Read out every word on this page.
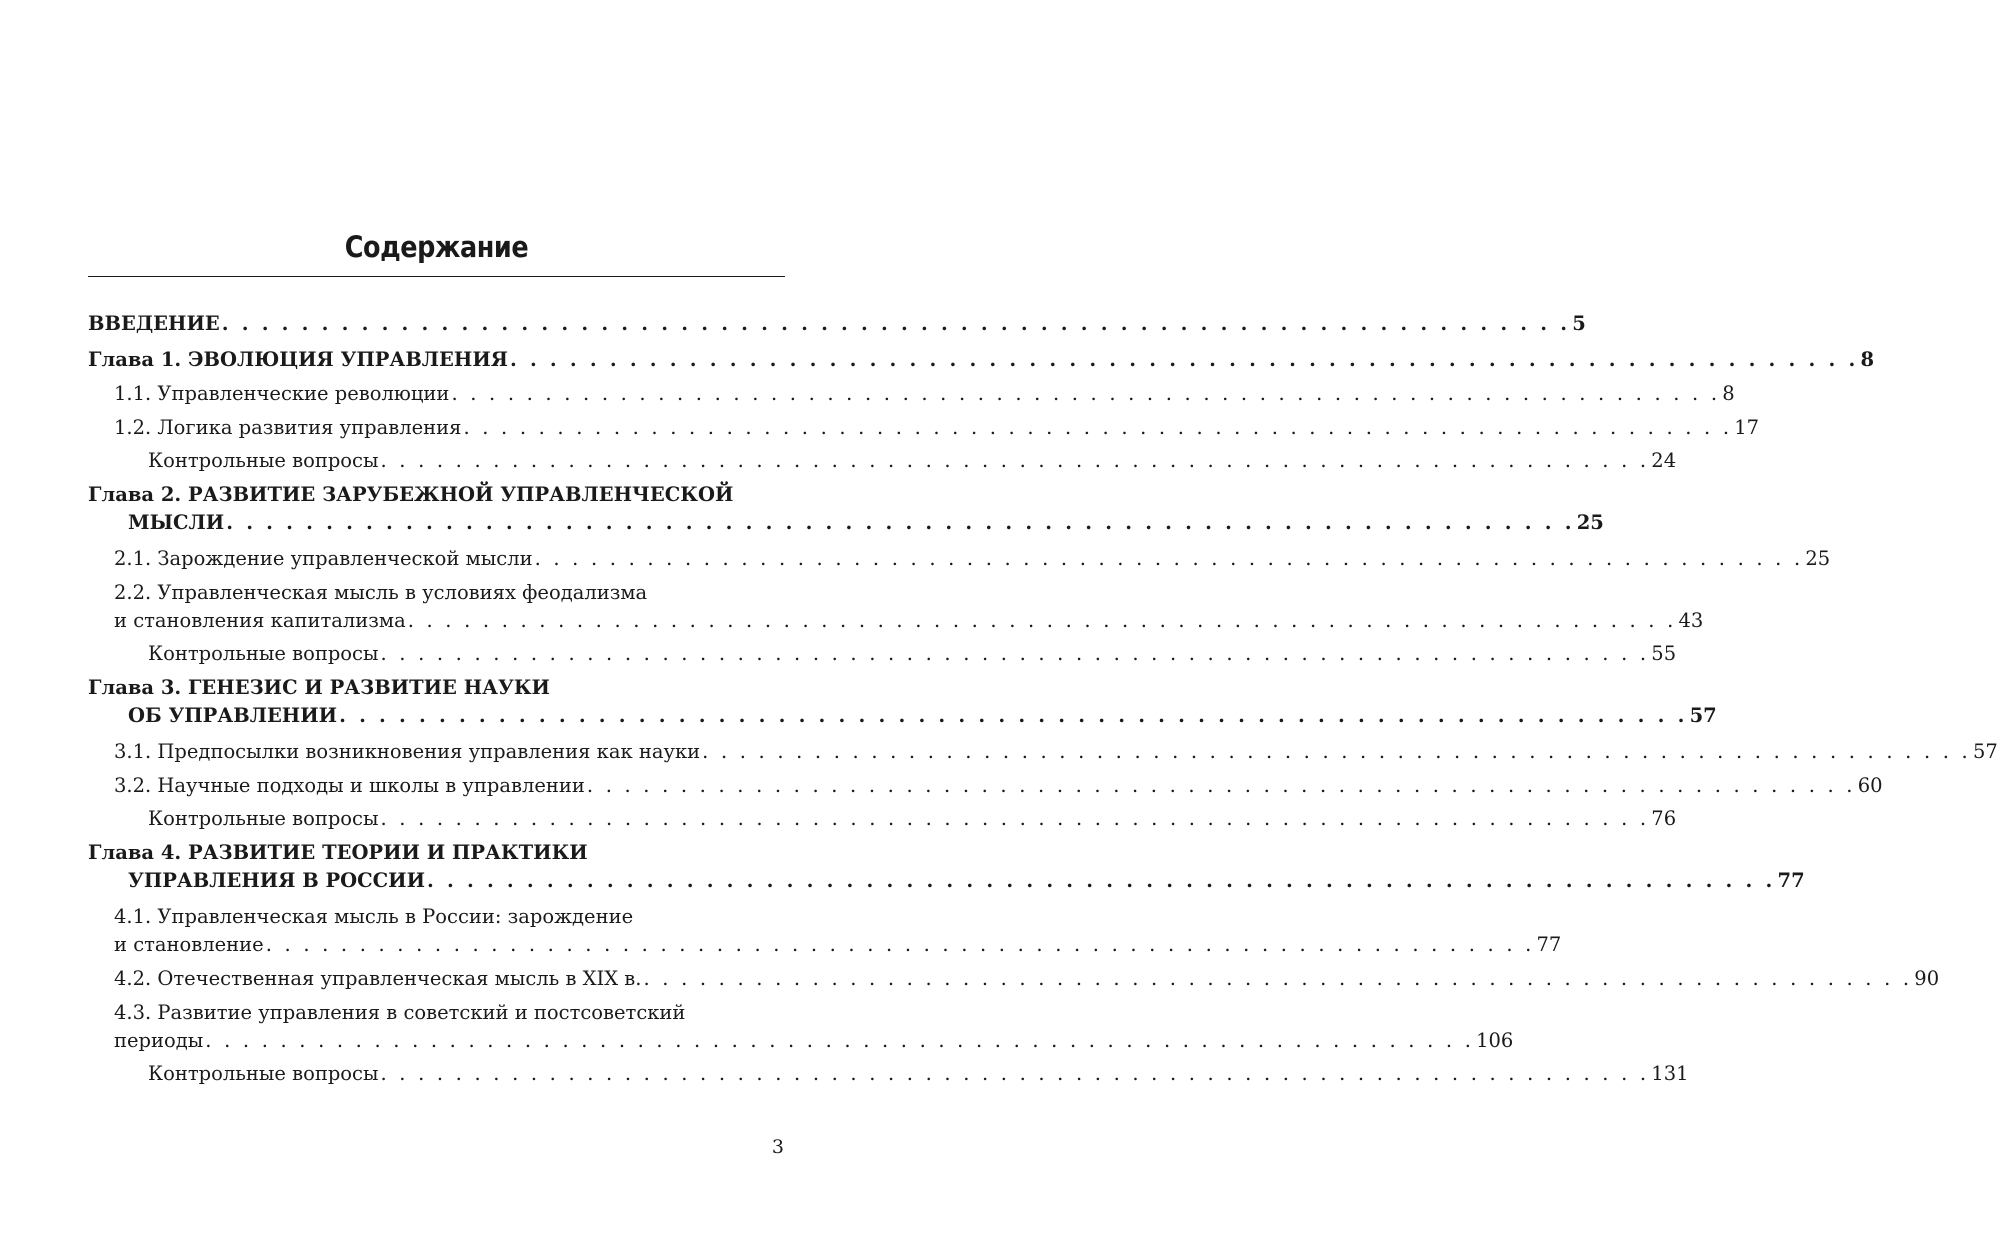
Содержание
ВВЕДЕНИЕ . . . . . . . . . . . . . . . . . . . . . . . . . . . . . . . . . . . . . . . . . . . . . . . . . . . . . . . . . . . . . . . . . . . . 5
Глава 1. ЭВОЛЮЦИЯ УПРАВЛЕНИЯ . . . . . . . . . . . . . . . . . . . . . . . . . . . . . . . . . . . . . . . . . . . . . . . . . . . . . . . . . . . . . . . . . . . . 8
1.1. Управленческие революции . . . . . . . . . . . . . . . . . . . . . . . . . . . . . . . . . . . . . . . . . . . . . . . . . . . . . . . . . . . . . . . . . . . . 8
1.2. Логика развития управления . . . . . . . . . . . . . . . . . . . . . . . . . . . . . . . . . . . . . . . . . . . . . . . . . . . . . . . . . . . . . . . . . . . . 17
Контрольные вопросы . . . . . . . . . . . . . . . . . . . . . . . . . . . . . . . . . . . . . . . . . . . . . . . . . . . . . . . . . . . . . . . . . . . . 24
Глава 2. РАЗВИТИЕ ЗАРУБЕЖНОЙ УПРАВЛЕНЧЕСКОЙ
МЫСЛИ . . . . . . . . . . . . . . . . . . . . . . . . . . . . . . . . . . . . . . . . . . . . . . . . . . . . . . . . . . . . . . . . . . . . 25
2.1. Зарождение управленческой мысли . . . . . . . . . . . . . . . . . . . . . . . . . . . . . . . . . . . . . . . . . . . . . . . . . . . . . . . . . . . . . . . . . . . . 25
2.2. Управленческая мысль в условиях феодализма
и становления капитализма . . . . . . . . . . . . . . . . . . . . . . . . . . . . . . . . . . . . . . . . . . . . . . . . . . . . . . . . . . . . . . . . . . . . 43
Контрольные вопросы . . . . . . . . . . . . . . . . . . . . . . . . . . . . . . . . . . . . . . . . . . . . . . . . . . . . . . . . . . . . . . . . . . . . 55
Глава 3. ГЕНЕЗИС И РАЗВИТИЕ НАУКИ
ОБ УПРАВЛЕНИИ . . . . . . . . . . . . . . . . . . . . . . . . . . . . . . . . . . . . . . . . . . . . . . . . . . . . . . . . . . . . . . . . . . . . 57
3.1. Предпосылки возникновения управления как науки . . . . . . . . . . . . . . . . . . . . . . . . . . . . . . . . . . . . . . . . . . . . . . . . . . . . . . . . . . . . . . . . . . . . 57
3.2. Научные подходы и школы в управлении . . . . . . . . . . . . . . . . . . . . . . . . . . . . . . . . . . . . . . . . . . . . . . . . . . . . . . . . . . . . . . . . . . . . 60
Контрольные вопросы . . . . . . . . . . . . . . . . . . . . . . . . . . . . . . . . . . . . . . . . . . . . . . . . . . . . . . . . . . . . . . . . . . . . 76
Глава 4. РАЗВИТИЕ ТЕОРИИ И ПРАКТИКИ
УПРАВЛЕНИЯ В РОССИИ . . . . . . . . . . . . . . . . . . . . . . . . . . . . . . . . . . . . . . . . . . . . . . . . . . . . . . . . . . . . . . . . . . . . 77
4.1. Управленческая мысль в России: зарождение
и становление . . . . . . . . . . . . . . . . . . . . . . . . . . . . . . . . . . . . . . . . . . . . . . . . . . . . . . . . . . . . . . . . . . . . 77
4.2. Отечественная управленческая мысль в XIX в. . . . . . . . . . . . . . . . . . . . . . . . . . . . . . . . . . . . . . . . . . . . . . . . . . . . . . . . . . . . . . . . . . . . . 90
4.3. Развитие управления в советский и постсоветский
периоды . . . . . . . . . . . . . . . . . . . . . . . . . . . . . . . . . . . . . . . . . . . . . . . . . . . . . . . . . . . . . . . . . . . . 106
Контрольные вопросы . . . . . . . . . . . . . . . . . . . . . . . . . . . . . . . . . . . . . . . . . . . . . . . . . . . . . . . . . . . . . . . . . . . . 131
3
